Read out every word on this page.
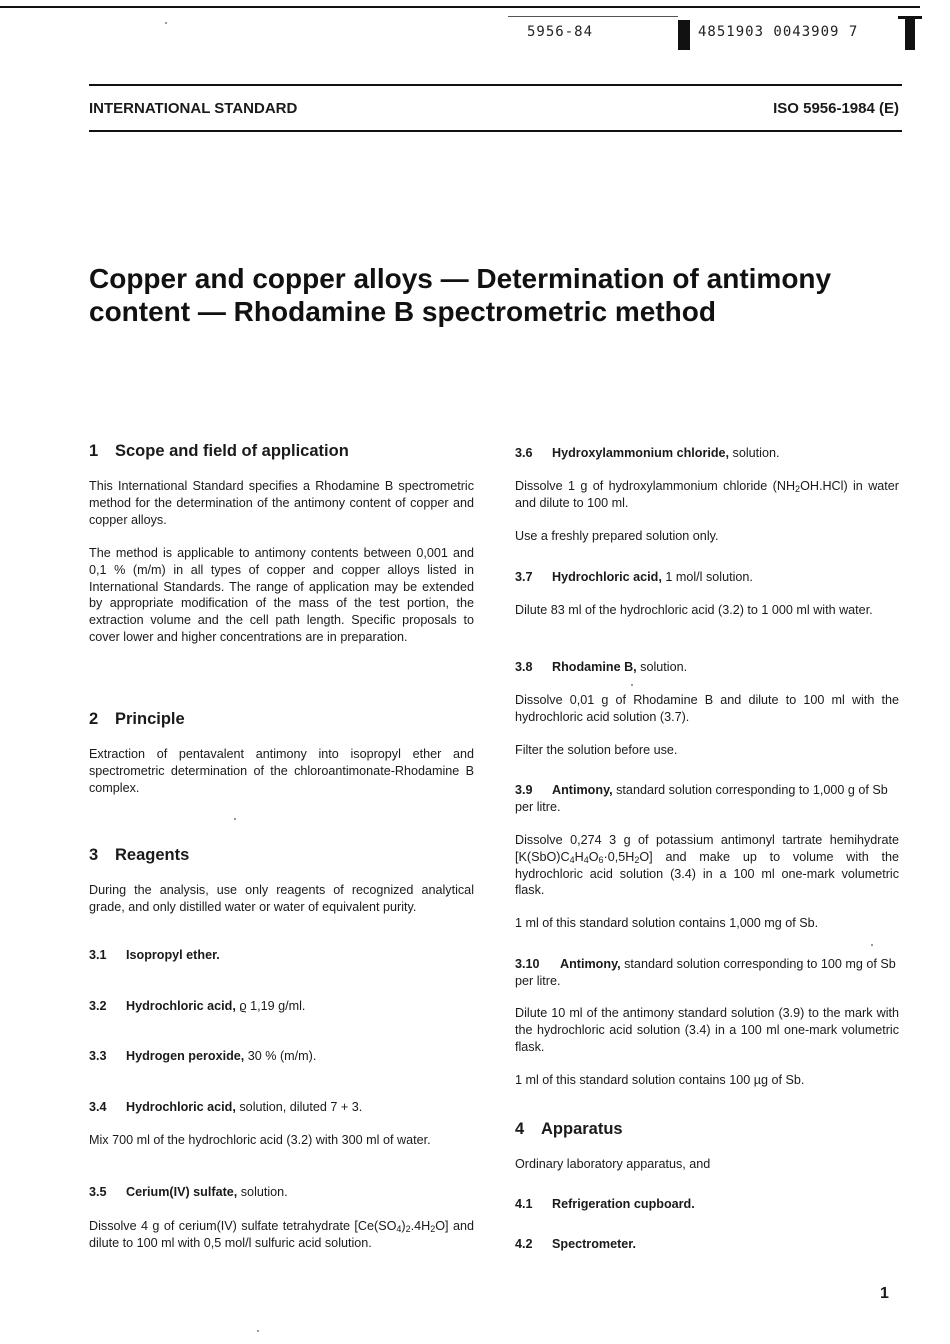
5956-84	4851903 0043909 7
INTERNATIONAL STANDARD	ISO 5956-1984 (E)
Copper and copper alloys — Determination of antimony
content — Rhodamine B spectrometric method
1 Scope and field of application
This International Standard specifies a Rhodamine B spectrometric method for the determination of the antimony content of copper and copper alloys.
The method is applicable to antimony contents between 0,001 and 0,1 % (m/m) in all types of copper and copper alloys listed in International Standards. The range of application may be extended by appropriate modification of the mass of the test portion, the extraction volume and the cell path length. Specific proposals to cover lower and higher concentrations are in preparation.
2 Principle
Extraction of pentavalent antimony into isopropyl ether and spectrometric determination of the chloroantimonate-Rhodamine B complex.
3 Reagents
During the analysis, use only reagents of recognized analytical grade, and only distilled water or water of equivalent purity.
3.1 Isopropyl ether.
3.2 Hydrochloric acid, ϱ 1,19 g/ml.
3.3 Hydrogen peroxide, 30 % (m/m).
3.4 Hydrochloric acid, solution, diluted 7 + 3.
Mix 700 ml of the hydrochloric acid (3.2) with 300 ml of water.
3.5 Cerium(IV) sulfate, solution.
Dissolve 4 g of cerium(IV) sulfate tetrahydrate $[Ce(SO_4)_2.4H_2O]$ and dilute to 100 ml with 0,5 mol/l sulfuric acid solution.
3.6 Hydroxylammonium chloride, solution.
Dissolve 1 g of hydroxylammonium chloride $(NH_2OH.HCl)$ in water and dilute to 100 ml.
Use a freshly prepared solution only.
3.7 Hydrochloric acid, 1 mol/l solution.
Dilute 83 ml of the hydrochloric acid (3.2) to 1 000 ml with water.
3.8 Rhodamine B, solution.
Dissolve 0,01 g of Rhodamine B and dilute to 100 ml with the hydrochloric acid solution (3.7).
Filter the solution before use.
3.9 Antimony, standard solution corresponding to 1,000 g of Sb per litre.
Dissolve 0,274 3 g of potassium antimonyl tartrate hemihydrate $[K(SbO)C_4H_4O_6\cdot 0,5H_2O]$ and make up to volume with the hydrochloric acid solution (3.4) in a 100 ml one-mark volumetric flask.
1 ml of this standard solution contains 1,000 mg of Sb.
3.10 Antimony, standard solution corresponding to 100 mg of Sb per litre.
Dilute 10 ml of the antimony standard solution (3.9) to the mark with the hydrochloric acid solution (3.4) in a 100 ml one-mark volumetric flask.
1 ml of this standard solution contains 100 µg of Sb.
4 Apparatus
Ordinary laboratory apparatus, and
4.1 Refrigeration cupboard.
4.2 Spectrometer.
1
